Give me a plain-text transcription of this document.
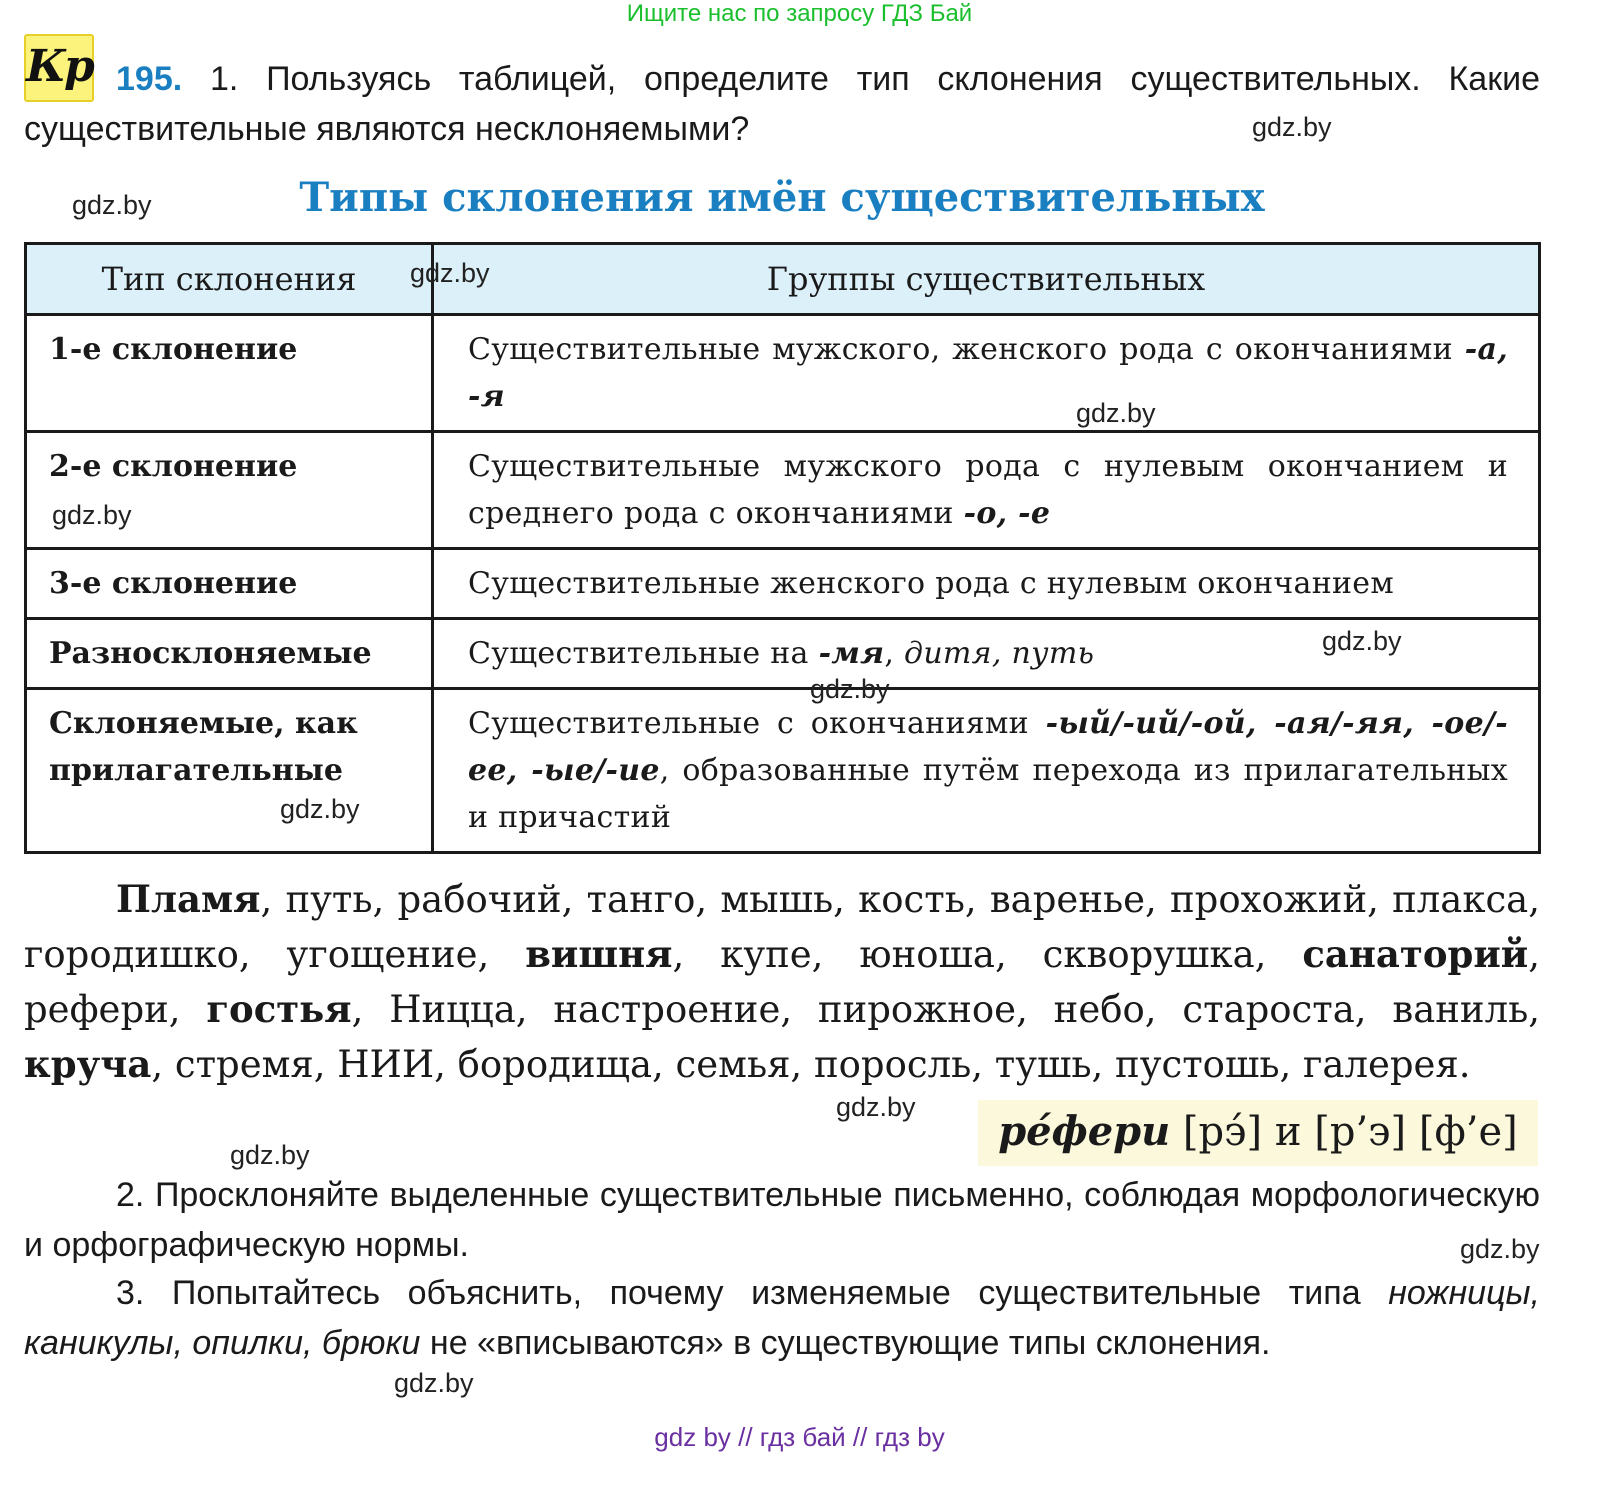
Ищите нас по запросу ГДЗ Бай
Кр 195. 1. Пользуясь таблицей, определите тип склонения существительных. Какие существительные являются несклоняемыми?
Типы склонения имён существительных
Тип склонения	Группы существительных
1-е склонение	Существительные мужского, женского рода с окончаниями -а, -я
2-е склонение	Существительные мужского рода с нулевым окончанием и среднего рода с окончаниями -о, -е
3-е склонение	Существительные женского рода с нулевым окончанием
Разносклоняемые	Существительные на -мя, дитя, путь
Склоняемые, как прилагательные	Существительные с окончаниями -ый/-ий/-ой, -ая/-яя, -ое/-ее, -ые/-ие, образованные путём перехода из прилагательных и причастий
Пламя, путь, рабочий, танго, мышь, кость, варенье, прохожий, плакса, городишко, угощение, вишня, купе, юноша, скворушка, санаторий, рефери, гостья, Ницца, настроение, пирожное, небо, староста, ваниль, круча, стремя, НИИ, бородища, семья, поросль, тушь, пустошь, галерея.
ре́фери [рэ́] и [р’э] [ф’е]
2. Просклоняйте выделенные существительные письменно, соблюдая морфологическую и орфографическую нормы.
3. Попытайтесь объяснить, почему изменяемые существительные типа ножницы, каникулы, опилки, брюки не «вписываются» в существующие типы склонения.
gdz.by
gdz.by
gdz.by
gdz.by
gdz.by
gdz.by
gdz.by
gdz.by
gdz.by
gdz.by
gdz.by
gdz.by
gdz by // гдз бай // гдз by
